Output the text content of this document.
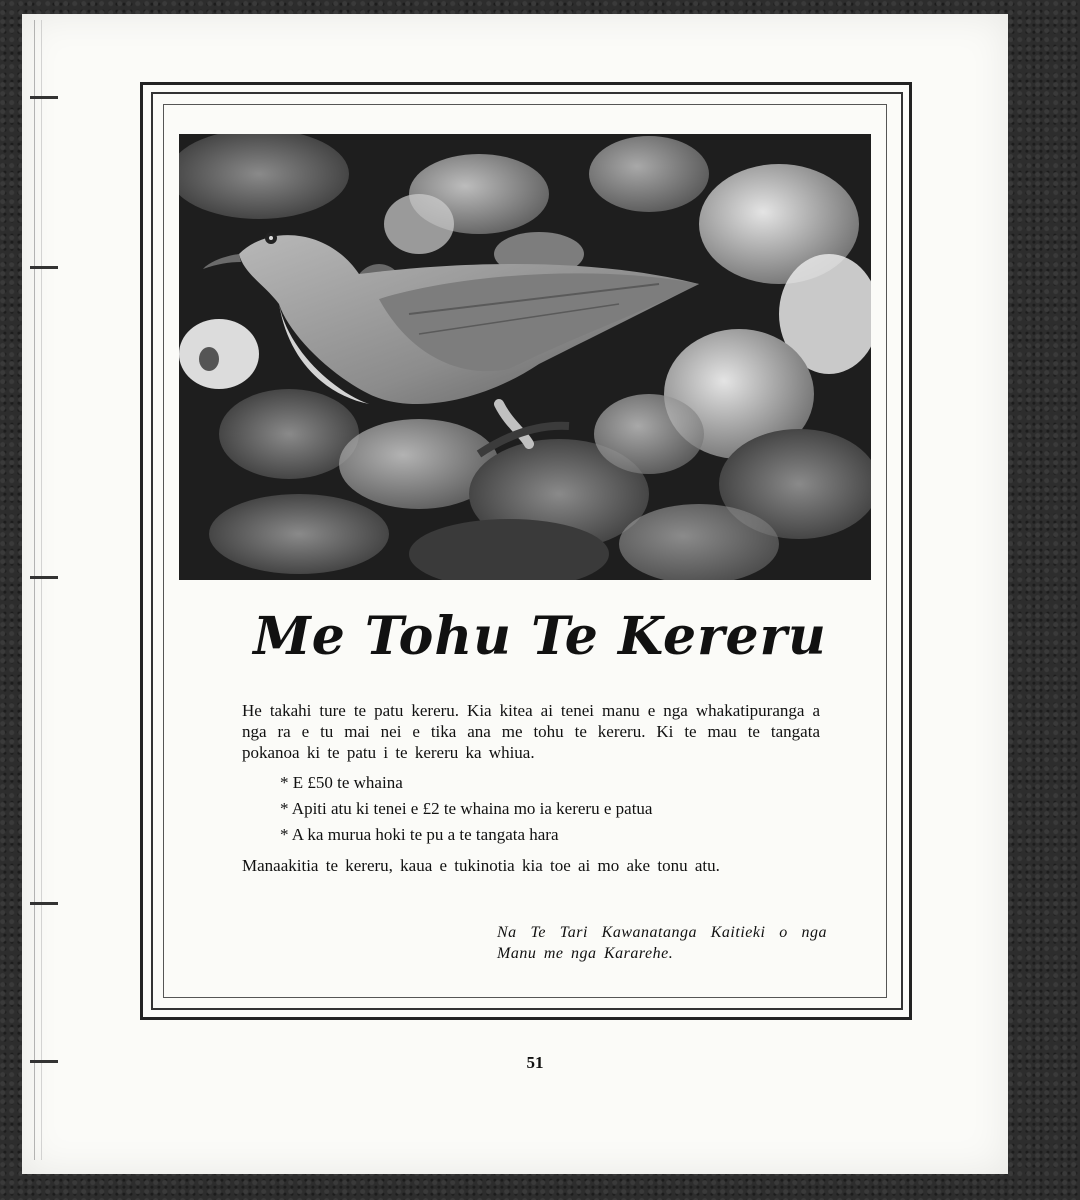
Me Tohu Te Kereru
He takahi ture te patu kereru. Kia kitea ai tenei manu e nga whakatipuranga a nga ra e tu mai nei e tika ana me tohu te kereru. Ki te mau te tangata pokanoa ki te patu i te kereru ka whiua.
* E £50 te whaina
* Apiti atu ki tenei e £2 te whaina mo ia kereru e patua
* A ka murua hoki te pu a te tangata hara
Manaakitia te kereru, kaua e tukinotia kia toe ai mo ake tonu atu.
Na Te Tari Kawanatanga Kaitieki o nga Manu me nga Kararehe.
51
